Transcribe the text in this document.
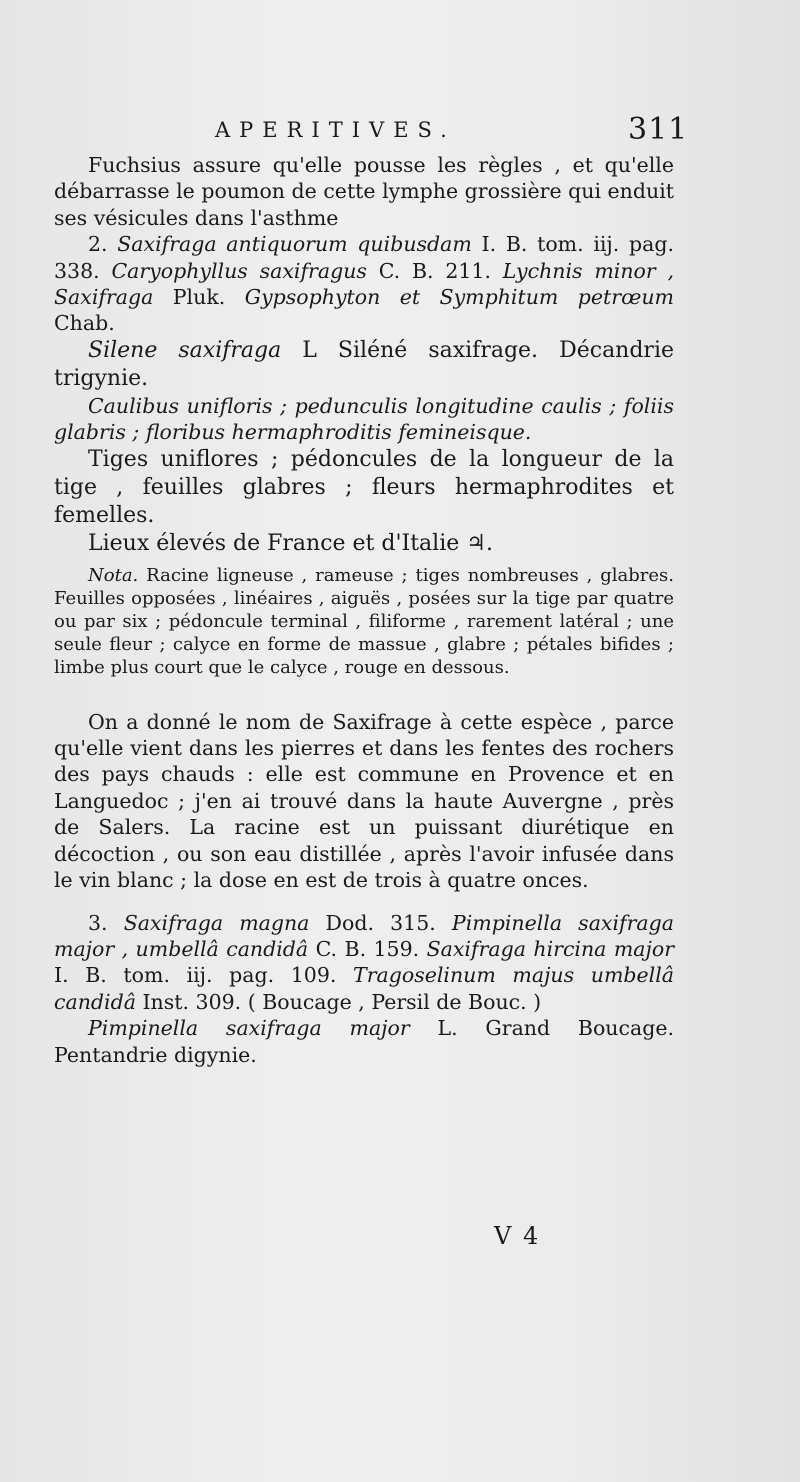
APERITIVES.	311

Fuchsius assure qu'elle pousse les règles , et qu'elle débarrasse le poumon de cette lymphe grossière qui enduit ses vésicules dans l'asthme

2. Saxifraga antiquorum quibusdam I. B. tom. iij. pag. 338. Caryophyllus saxifragus C. B. 211. Lychnis minor , Saxifraga Pluk. Gypsophyton et Symphitum petrœum Chab.

Silene saxifraga L Siléné saxifrage. Décandrie trigynie.

Caulibus unifloris ; pedunculis longitudine caulis ; foliis glabris ; floribus hermaphroditis femineisque.

Tiges uniflores ; pédoncules de la longueur de la tige , feuilles glabres ; fleurs hermaphrodites et femelles.

Lieux élevés de France et d'Italie ♃.

Nota. Racine ligneuse , rameuse ; tiges nombreuses , glabres. Feuilles opposées , linéaires , aiguës , posées sur la tige par quatre ou par six ; pédoncule terminal , filiforme , rarement latéral ; une seule fleur ; calyce en forme de massue , glabre ; pétales bifides ; limbe plus court que le calyce , rouge en dessous.

On a donné le nom de Saxifrage à cette espèce , parce qu'elle vient dans les pierres et dans les fentes des rochers des pays chauds : elle est commune en Provence et en Languedoc ; j'en ai trouvé dans la haute Auvergne , près de Salers. La racine est un puissant diurétique en décoction , ou son eau distillée , après l'avoir infusée dans le vin blanc ; la dose en est de trois à quatre onces.

3. Saxifraga magna Dod. 315. Pimpinella saxifraga major , umbellâ candidâ C. B. 159. Saxifraga hircina major I. B. tom. iij. pag. 109. Tragoselinum majus umbellâ candidâ Inst. 309. ( Boucage , Persil de Bouc. )

Pimpinella saxifraga major L. Grand Boucage. Pentandrie digynie.

V 4
